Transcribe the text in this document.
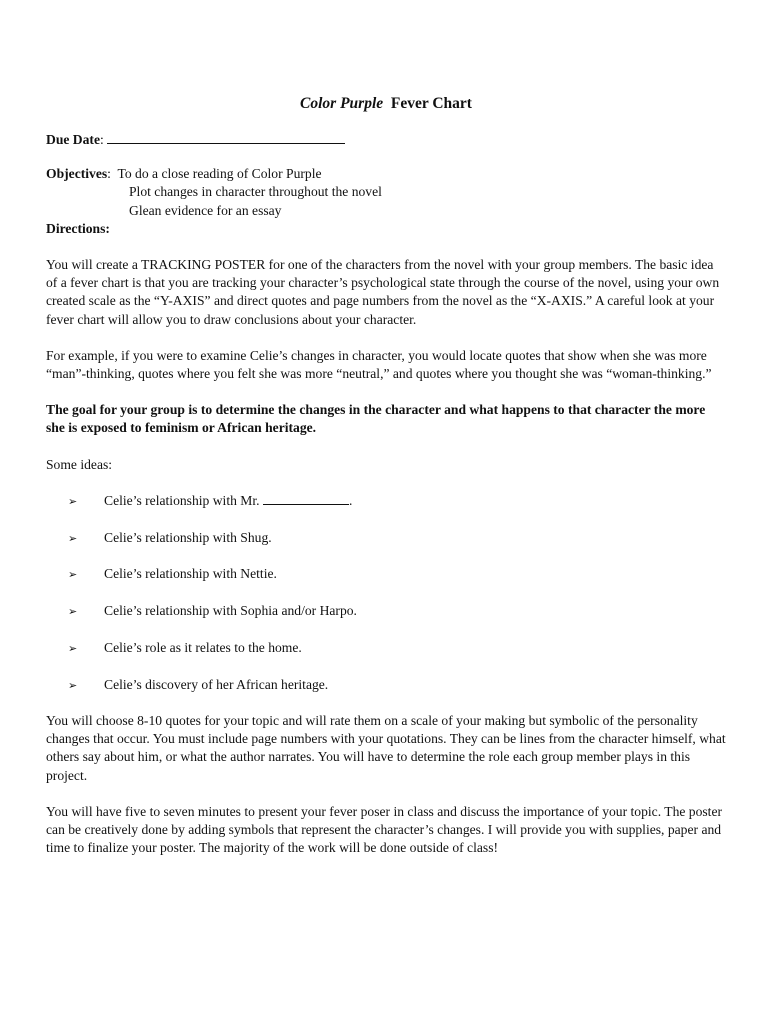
Color Purple Fever Chart
Due Date:
Objectives:  To do a close reading of Color Purple
Plot changes in character throughout the novel
Glean evidence for an essay
Directions:

You will create a TRACKING POSTER for one of the characters from the novel with your group members. The basic idea of a fever chart is that you are tracking your character’s psychological state through the course of the novel, using your own created scale as the “Y-AXIS” and direct quotes and page numbers from the novel as the “X-AXIS.” A careful look at your fever chart will allow you to draw conclusions about your character.

For example, if you were to examine Celie’s changes in character, you would locate quotes that show when she was more “man”-thinking, quotes where you felt she was more “neutral,” and quotes where you thought she was “woman-thinking.”

The goal for your group is to determine the changes in the character and what happens to that character the more she is exposed to feminism or African heritage.

Some ideas:
➢ Celie’s relationship with Mr.	.
➢ Celie’s relationship with Shug.
➢ Celie’s relationship with Nettie.
➢ Celie’s relationship with Sophia and/or Harpo.
➢ Celie’s role as it relates to the home.
➢ Celie’s discovery of her African heritage.

You will choose 8-10 quotes for your topic and will rate them on a scale of your making but symbolic of the personality changes that occur. You must include page numbers with your quotations. They can be lines from the character himself, what others say about him, or what the author narrates. You will have to determine the role each group member plays in this project.

You will have five to seven minutes to present your fever poser in class and discuss the importance of your topic. The poster can be creatively done by adding symbols that represent the character’s changes. I will provide you with supplies, paper and time to finalize your poster. The majority of the work will be done outside of class!
